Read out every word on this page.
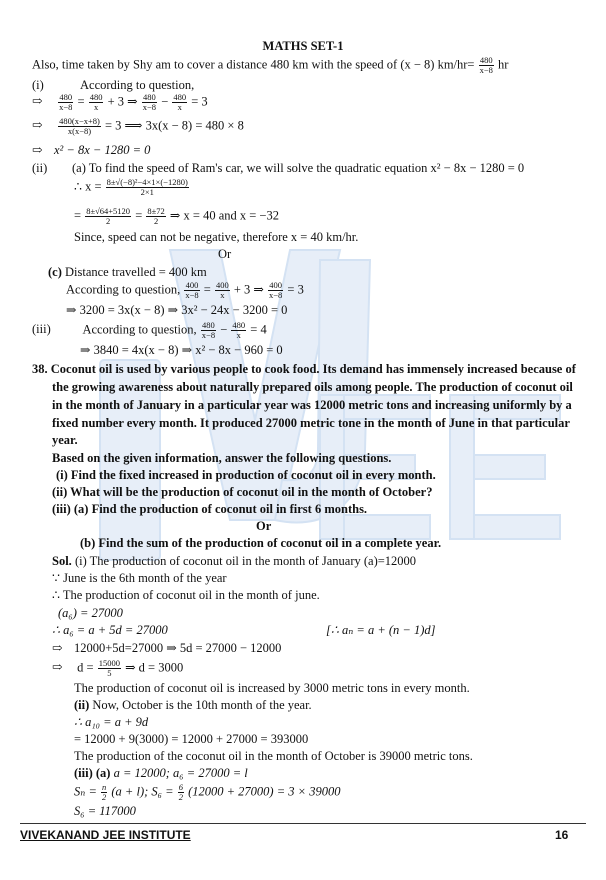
MATHS SET-1
Also, time taken by Shy am to cover a distance 480 km with the speed of (x − 8) $km/hr= \frac{480}{x-8}$ hr
(i)	According to question,
⇨ $\frac{480}{x-8} = \frac{480}{x} + 3$ ⇒ $\frac{480}{x-8} - \frac{480}{x} = 3$
⇨ $\frac{480(x-x+8)}{x(x-8)} = 3$ ⟹ 3x(x − 8) = 480 × 8
⇨ x² − 8x − 1280 = 0
(ii) (a) To find the speed of Ram's car, we will solve the quadratic equation x² − 8x − 1280 = 0
∴ $x = \frac{\text{8±√(−8)²−4×1×(−1280)}}{2\times 1}$
= $\frac{8\pm√64+5120}{2} = \frac{8\pm 72}{2}$ ⇒ x = 40 and x = −32
Since, speed can not be negative, therefore x = 40 km/hr.
Or
(c) Distance travelled = 400 km
According to question, $\frac{400}{x-8} = \frac{400}{x} + 3$ ⇒ $\frac{400}{x-8} = 3$
⇒ 3200 = 3x(x − 8) ⇒ 3x² − 24x − 3200 = 0
(iii)	According to question, $\frac{480}{x-8} - \frac{480}{x} = 4$
⇒ 3840 = 4x(x − 8) ⇒ x² − 8x − 960 = 0
38. Coconut oil is used by various people to cook food. Its demand has immensely increased because of
the growing awareness about naturally prepared oils among people. The production of coconut oil
in the month of January in a particular year was 12000 metric tons and increasing uniformly by a
fixed number every month. It produced 27000 metric tone in the month of June in that particular
year.
Based on the given information, answer the following questions.
(i) Find the fixed increased in production of coconut oil in every month.
(ii) What will be the production of coconut oil in the month of October?
(iii) (a) Find the production of coconut oil in first 6 months.
Or
(b) Find the sum of the production of coconut oil in a complete year.
Sol. (i) The production of coconut oil in the month of January (a)=12000
∵ June is the 6th month of the year
∴ The production of coconut oil in the month of june.
(a₆) = 27000
∴ a₆ = a + 5d = 27000	[∴ aₙ = a + (n − 1)d]
⇨ 12000+5d=27000 ⇒ 5d = 27000 − 12000
⇨ $d = \frac{15000}{5}$ ⇒ d = 3000
The production of coconut oil is increased by 3000 metric tons in every month.
(ii) Now, October is the 10th month of the year.
∴ a₁₀ = a + 9d
= 12000 + 9(3000) = 12000 + 27000 = 393000
The production of the coconut oil in the month of October is 39000 metric tons.
(iii) (a) a = 12000; a₆ = 27000 = l
$S_n = \frac{n}{2} (a + l)$; $S_6 = \frac{6}{2} (12000 + 27000) = 3 \times 39000$
S₆ = 117000
VIVEKANAND JEE INSTITUTE	16
